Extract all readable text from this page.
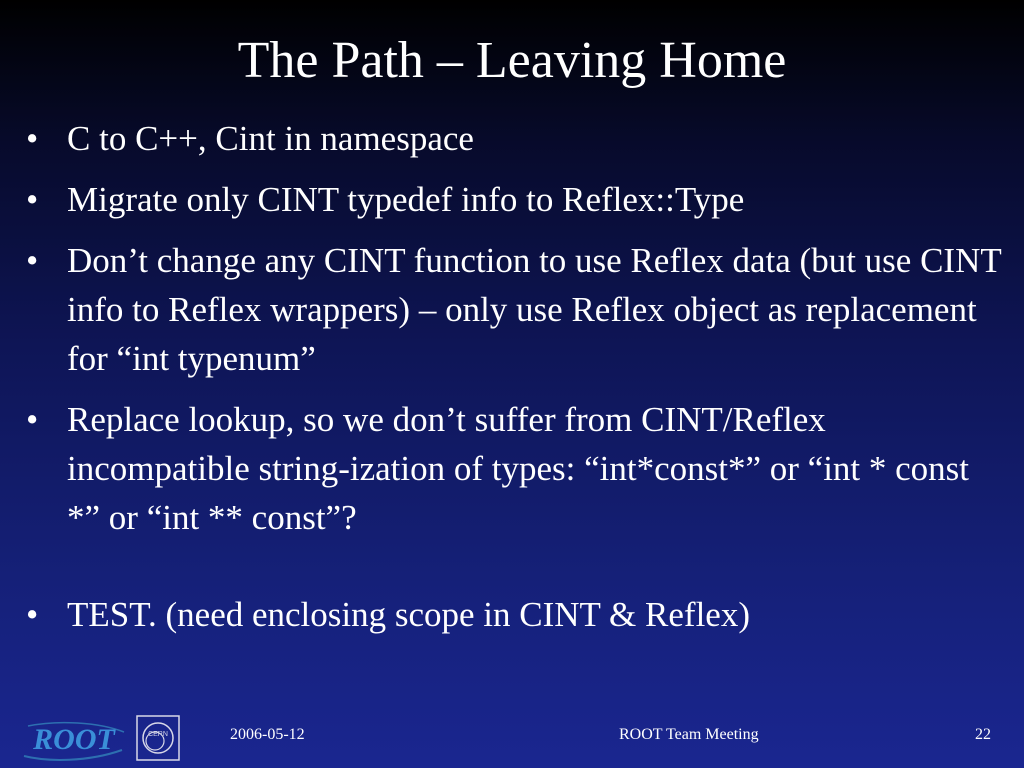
The Path – Leaving Home
• C to C++, Cint in namespace
• Migrate only CINT typedef info to Reflex::Type
• Don’t change any CINT function to use Reflex data (but use CINT info to Reflex wrappers) – only use Reflex object as replacement for “int typenum”
• Replace lookup, so we don’t suffer from CINT/Reflex incompatible string-ization of types: “int*const*” or “int * const *” or “int ** const”?
• TEST. (need enclosing scope in CINT & Reflex)
ROOT	CERN	2006-05-12	ROOT Team Meeting	22
